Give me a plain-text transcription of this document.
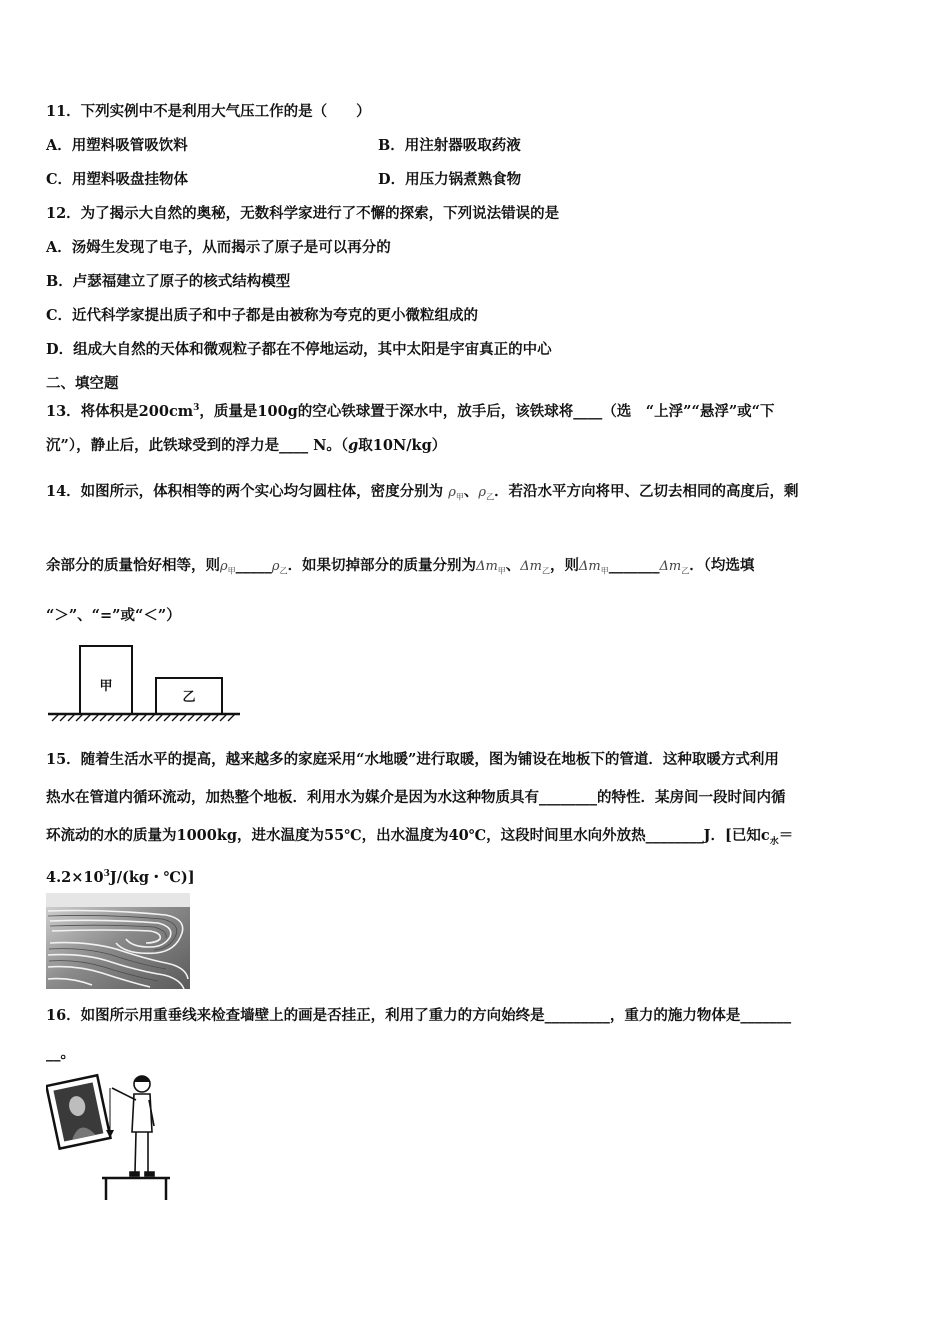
11．下列实例中不是利用大气压工作的是（　　）
A．用塑料吸管吸饮料	B．用注射器吸取药液
C．用塑料吸盘挂物体	D．用压力锅煮熟食物
12．为了揭示大自然的奥秘，无数科学家进行了不懈的探索，下列说法错误的是
A．汤姆生发现了电子，从而揭示了原子是可以再分的
B．卢瑟福建立了原子的核式结构模型
C．近代科学家提出质子和中子都是由被称为夸克的更小微粒组成的
D．组成大自然的天体和微观粒子都在不停地运动，其中太阳是宇宙真正的中心
二、填空题
13．将体积是$200cm^3$，质量是100g的空心铁球置于深水中，放手后，该铁球将____（选　“上浮”“悬浮”或“下
沉”），静止后，此铁球受到的浮力是____ N。（g取10N/kg）
14．如图所示，体积相等的两个实心均匀圆柱体，密度分别为 $\rho_甲$、$\rho_乙$．若沿水平方向将甲、乙切去相同的高度后，剩
余部分的质量恰好相等，则$\rho_甲\_\_\_\_\_\rho_乙$．如果切掉部分的质量分别为$\Delta m_甲$、$\Delta m_乙$，则$\Delta m_甲\_\_\_\_\_\_\_\Delta m_乙$．（均选填
“＞”、“=”或“＜”）
甲
乙
15．随着生活水平的提高，越来越多的家庭采用“水地暖”进行取暖，图为铺设在地板下的管道．这种取暖方式利用
热水在管道内循环流动，加热整个地板．利用水为媒介是因为水这种物质具有________的特性．某房间一段时间内循
环流动的水的质量为1000kg，进水温度为55℃，出水温度为40℃，这段时间里水向外放热________J．[已知$c_水=$
$4.2\times 10^3J/(kg$・℃)]
16．如图所示用重垂线来检查墙壁上的画是否挂正，利用了重力的方向始终是_________，重力的施力物体是_______
__。
